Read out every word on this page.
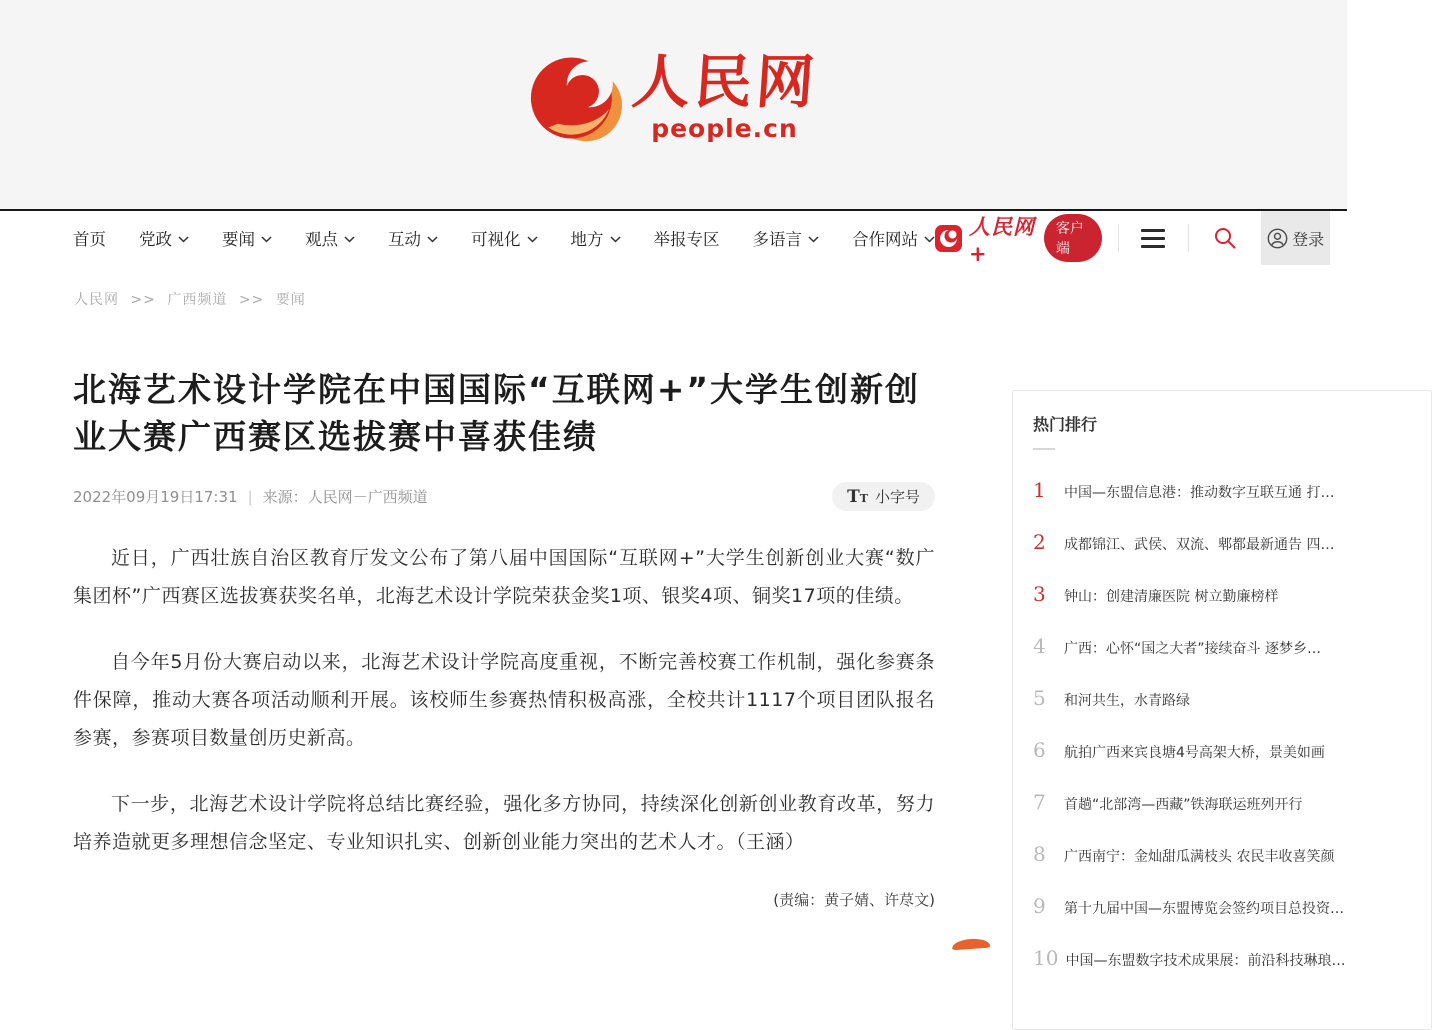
人民网
people.cn
首页 党政	要闻	观点	互动	可视化	地方	举报专区 多语言	合作网站
人民网+
客户端
登录
人民网 >> 广西频道 >> 要闻
北海艺术设计学院在中国国际“互联网+”大学生创新创业大赛广西赛区选拔赛中喜获佳绩
2022年09月19日17:31 | 来源： 人民网－广西频道	TT 小字号

近日，广西壮族自治区教育厅发文公布了第八届中国国际“互联网+”大学生创新创业大赛“数广集团杯”广西赛区选拔赛获奖名单，北海艺术设计学院荣获金奖1项、银奖4项、铜奖17项的佳绩。

自今年5月份大赛启动以来，北海艺术设计学院高度重视，不断完善校赛工作机制，强化参赛条件保障，推动大赛各项活动顺利开展。该校师生参赛热情积极高涨，全校共计1117个项目团队报名参赛，参赛项目数量创历史新高。

下一步，北海艺术设计学院将总结比赛经验，强化多方协同，持续深化创新创业教育改革，努力培养造就更多理想信念坚定、专业知识扎实、创新创业能力突出的艺术人才。（王涵）

(责编：黄子婧、许荩文)
热门排行
1	中国—东盟信息港：推动数字互联互通 打…
2	成都锦江、武侯、双流、郫都最新通告 四…
3	钟山：创建清廉医院 树立勤廉榜样
4	广西：心怀“国之大者”接续奋斗 逐梦乡…
5	和河共生，水青路绿
6	航拍广西来宾良塘4号高架大桥，景美如画
7	首趟“北部湾—西藏”铁海联运班列开行
8	广西南宁：金灿甜瓜满枝头 农民丰收喜笑颜
9	第十九届中国—东盟博览会签约项目总投资…
10 中国—东盟数字技术成果展：前沿科技琳琅…
